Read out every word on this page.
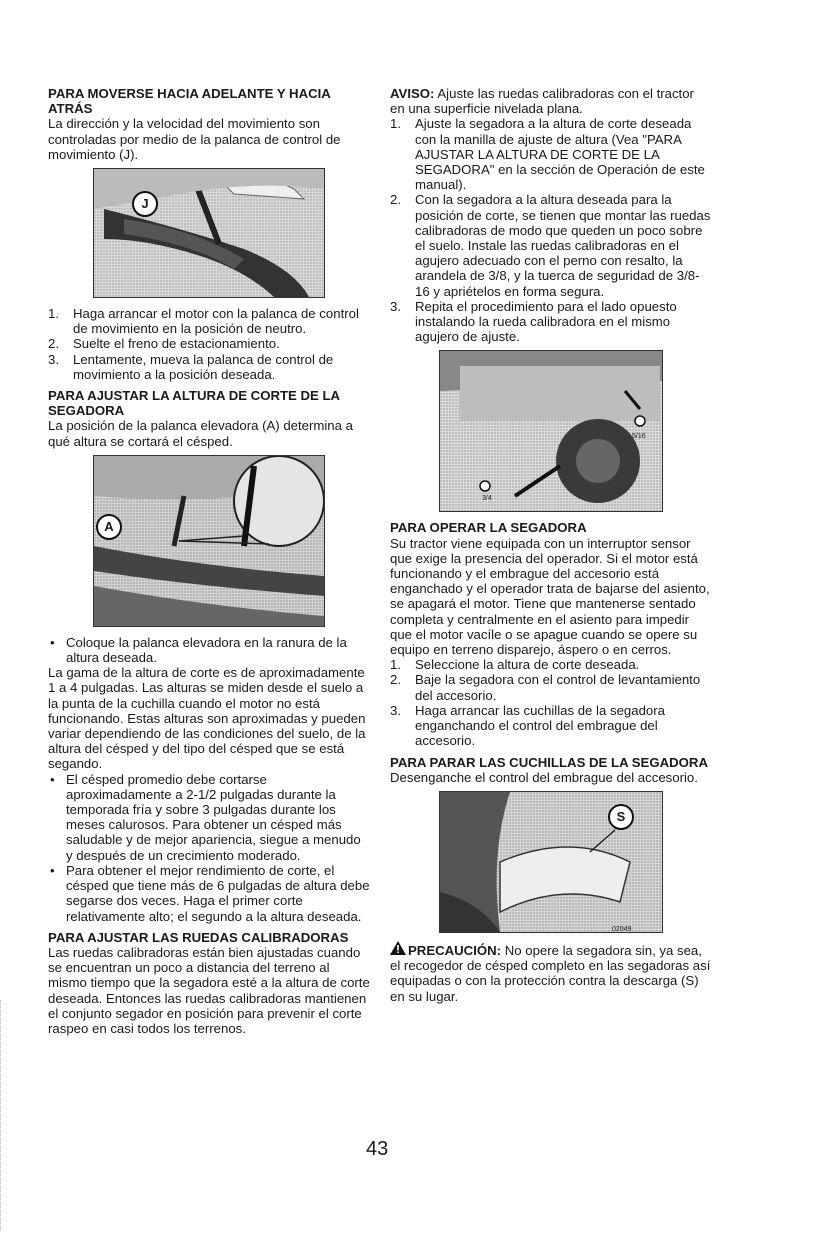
PARA MOVERSE HACIA ADELANTE Y HACIA ATRÁS

La dirección y la velocidad del movimiento son controladas por medio de la palanca de control de movimiento (J).

J
1. Haga arrancar el motor con la palanca de control de movimiento en la posición de neutro.
2. Suelte el freno de estacionamiento.
3. Lentamente, mueva la palanca de control de movimiento a la posición deseada.
PARA AJUSTAR LA ALTURA DE CORTE DE LA SEGADORA

La posición de la palanca elevadora (A) determina a qué altura se cortará el césped.

A
• Coloque la palanca elevadora en la ranura de la altura deseada.

La gama de la altura de corte es de aproximadamente 1 a 4 pulgadas. Las alturas se miden desde el suelo a la punta de la cuchilla cuando el motor no está funcionando. Estas alturas son aproximadas y pueden variar dependiendo de las condiciones del suelo, de la altura del césped y del tipo del césped que se está segando.

• El césped promedio debe cortarse aproximadamente a 2-1/2 pulgadas durante la temporada fría y sobre 3 pulgadas durante los meses calurosos. Para obtener un césped más saludable y de mejor apariencia, siegue a menudo y después de un crecimiento moderado.
• Para obtener el mejor rendimiento de corte, el césped que tiene más de 6 pulgadas de altura debe segarse dos veces. Haga el primer corte relativamente alto; el segundo a la altura deseada.
PARA AJUSTAR LAS RUEDAS CALIBRADORAS

Las ruedas calibradoras están bien ajustadas cuando se encuentran un poco a distancia del terreno al mismo tiempo que la segadora esté a la altura de corte deseada. Entonces las ruedas calibradoras mantienen el conjunto segador en posición para prevenir el corte raspeo en casi todos los terrenos.

AVISO: Ajuste las ruedas calibradoras con el tractor en una superficie nivelada plana.

1. Ajuste la segadora a la altura de corte deseada con la manilla de ajuste de altura (Vea "PARA AJUSTAR LA ALTURA DE CORTE DE LA SEGADORA" en la sección de Operación de este manual).
2. Con la segadora a la altura deseada para la posición de corte, se tienen que montar las ruedas calibradoras de modo que queden un poco sobre el suelo. Instale las ruedas calibradoras en el agujero adecuado con el perno con resalto, la arandela de 3/8, y la tuerca de seguridad de 3/8-16 y apriételos en forma segura.
3. Repita el procedimiento para el lado opuesto instalando la rueda calibradora en el mismo agujero de ajuste.
3/4
5/16
PARA OPERAR LA SEGADORA

Su tractor viene equipada con un interruptor sensor que exige la presencia del operador. Si el motor está funcionando y el embrague del accesorio está enganchado y el operador trata de bajarse del asiento, se apagará el motor. Tiene que mantenerse sentado completa y centralmente en el asiento para impedir que el motor vacíle o se apague cuando se opere su equipo en terreno disparejo, áspero o en cerros.

1. Seleccione la altura de corte deseada.
2. Baje la segadora con el control de levantamiento del accesorio.
3. Haga arrancar las cuchillas de la segadora enganchando el control del embrague del accesorio.
PARA PARAR LAS CUCHILLAS DE LA SEGADORA

Desenganche el control del embrague del accesorio.

S
02049

PRECAUCIÓN: No opere la segadora sin, ya sea, el recogedor de césped completo en las segadoras así equipadas o con la protección contra la descarga (S) en su lugar.

43
